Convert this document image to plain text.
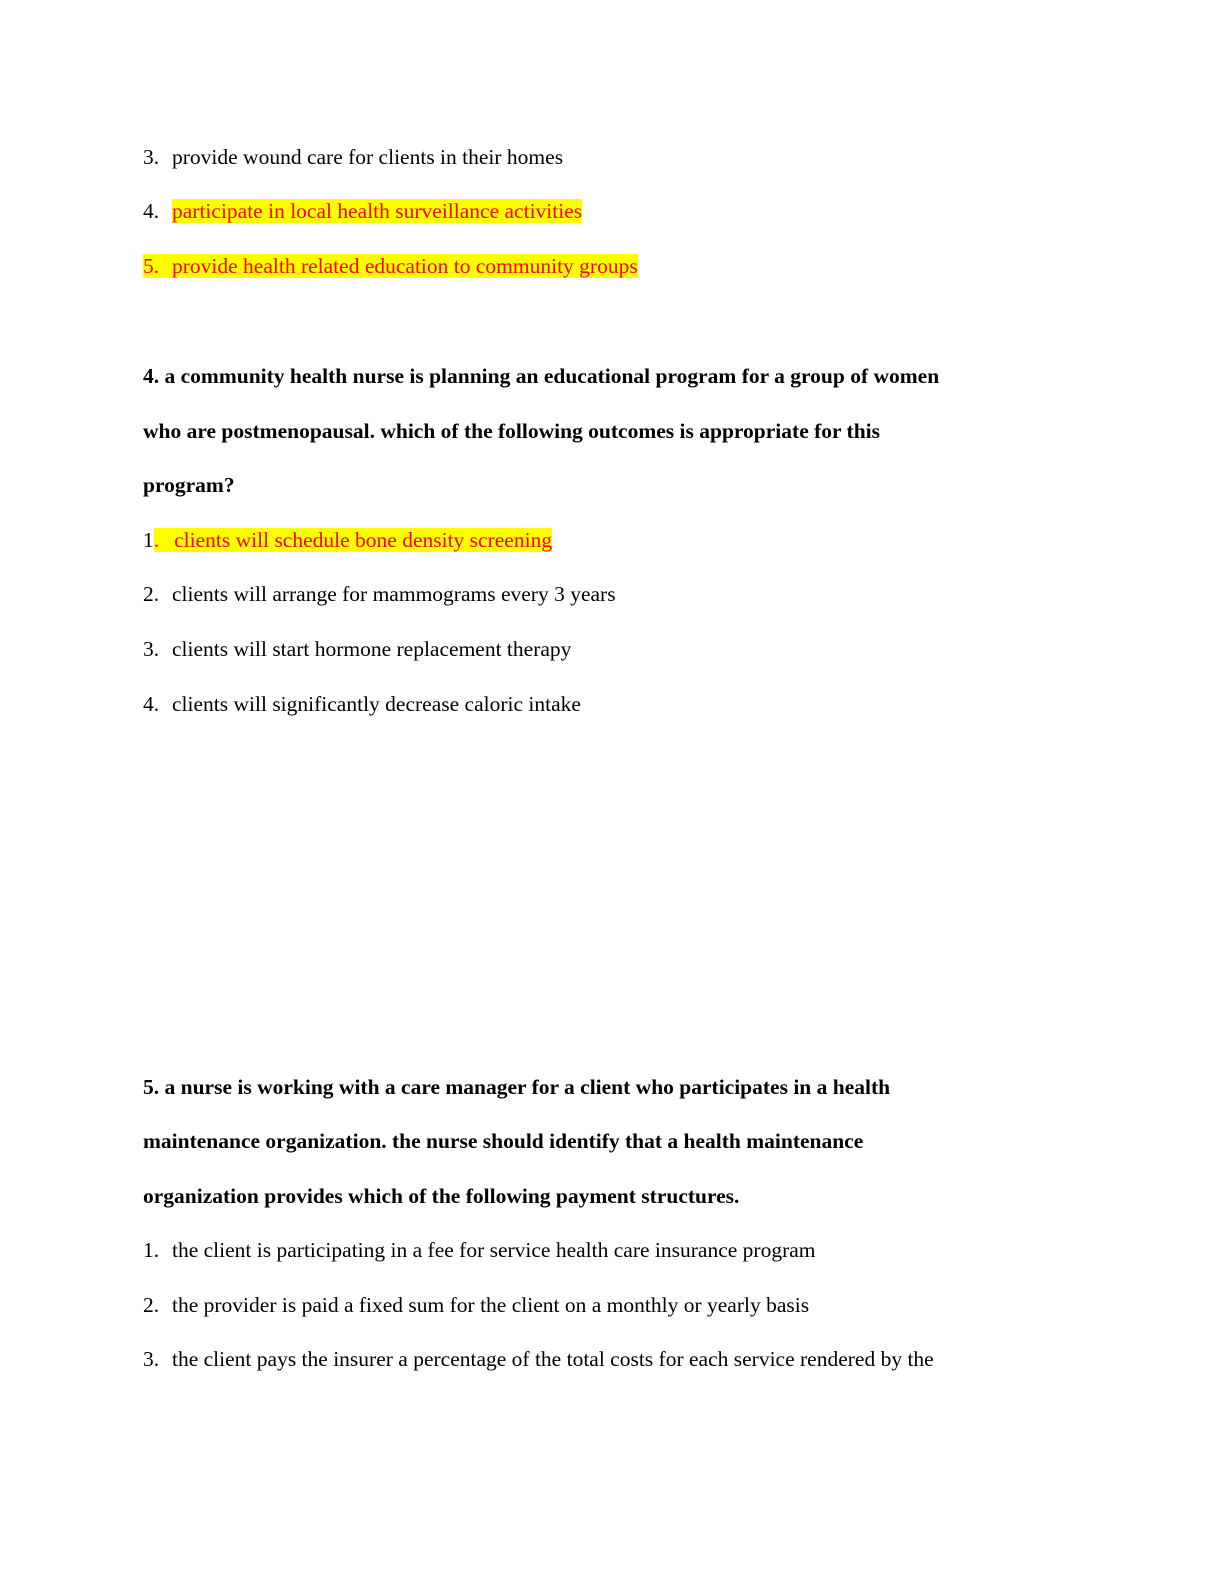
3. provide wound care for clients in their homes
4. participate in local health surveillance activities
5. provide health related education to community groups
4. a community health nurse is planning an educational program for a group of women
who are postmenopausal. which of the following outcomes is appropriate for this
program?
1. clients will schedule bone density screening
2. clients will arrange for mammograms every 3 years
3. clients will start hormone replacement therapy
4. clients will significantly decrease caloric intake
5. a nurse is working with a care manager for a client who participates in a health
maintenance organization. the nurse should identify that a health maintenance
organization provides which of the following payment structures.
1. the client is participating in a fee for service health care insurance program
2. the provider is paid a fixed sum for the client on a monthly or yearly basis
3. the client pays the insurer a percentage of the total costs for each service rendered by the
